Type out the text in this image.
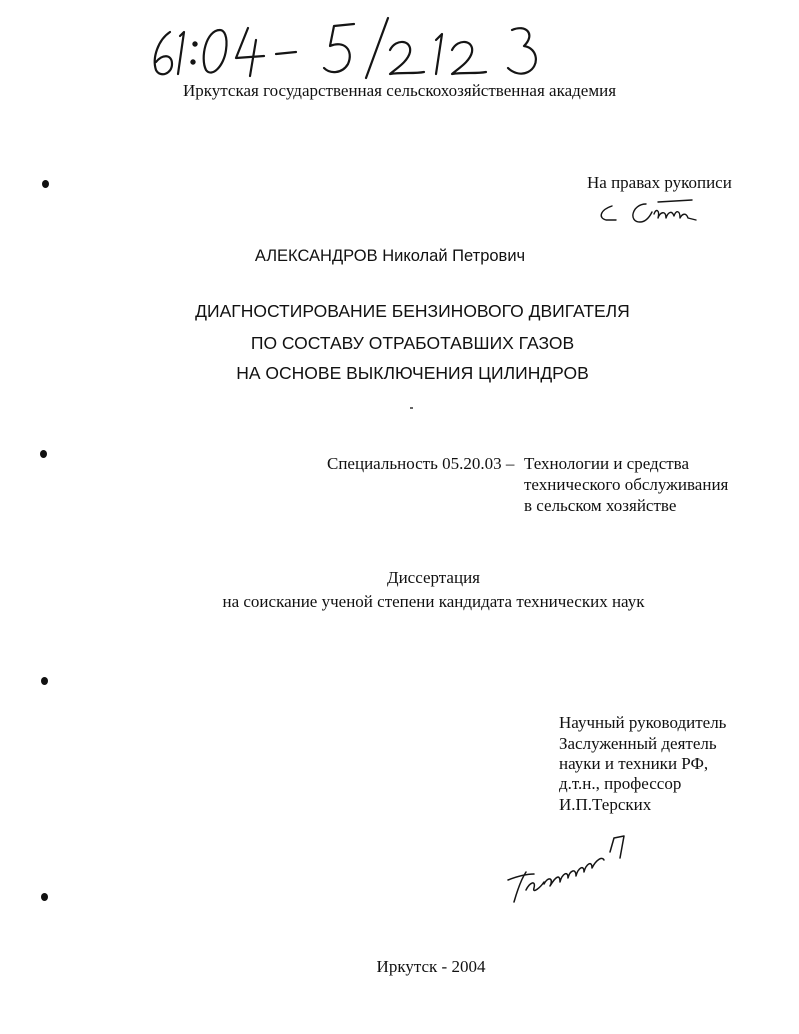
Иркутская государственная сельскохозяйственная академия
На правах рукописи
АЛЕКСАНДРОВ Николай Петрович
ДИАГНОСТИРОВАНИЕ БЕНЗИНОВОГО ДВИГАТЕЛЯ
ПО СОСТАВУ ОТРАБОТАВШИХ ГАЗОВ
НА ОСНОВЕ ВЫКЛЮЧЕНИЯ ЦИЛИНДРОВ
Специальность 05.20.03 – Технологии и средства
технического обслуживания
в сельском хозяйстве
Диссертация
на соискание ученой степени кандидата технических наук
Научный руководитель
Заслуженный деятель
науки и техники РФ,
д.т.н., профессор
И.П.Терских
Иркутск - 2004
